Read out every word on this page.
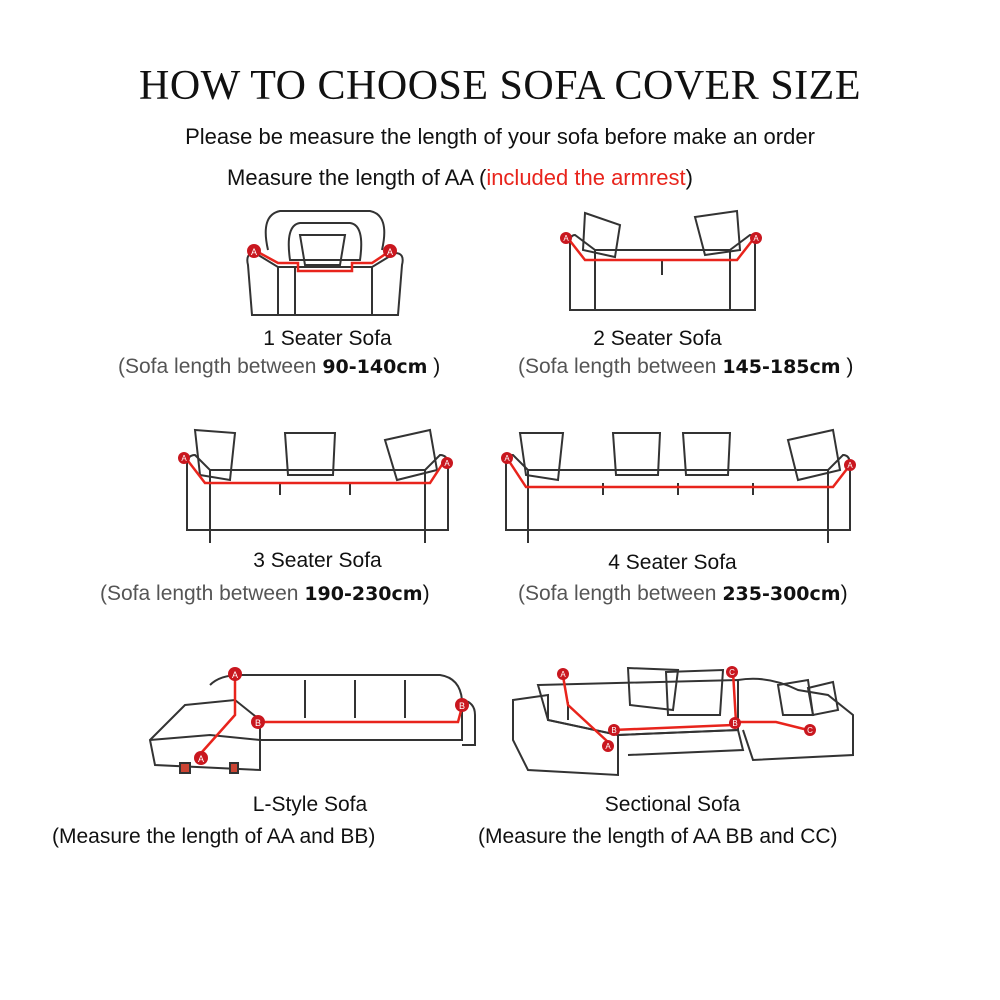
HOW TO CHOOSE SOFA COVER SIZE
Please be measure the length of your sofa before make an order
Measure the length of AA (included the armrest)
A	A
A	A
1 Seater Sofa
(Sofa length between 90-140cm )
2 Seater Sofa
(Sofa length between 145-185cm )
A
A
A
A
3 Seater Sofa
(Sofa length between 190-230cm)
4 Seater Sofa
(Sofa length between 235-300cm)
A
A
B
B
A
A
B
B
C
C
L-Style Sofa
(Measure the length of AA and BB)
Sectional Sofa
(Measure the length of AA BB and CC)
